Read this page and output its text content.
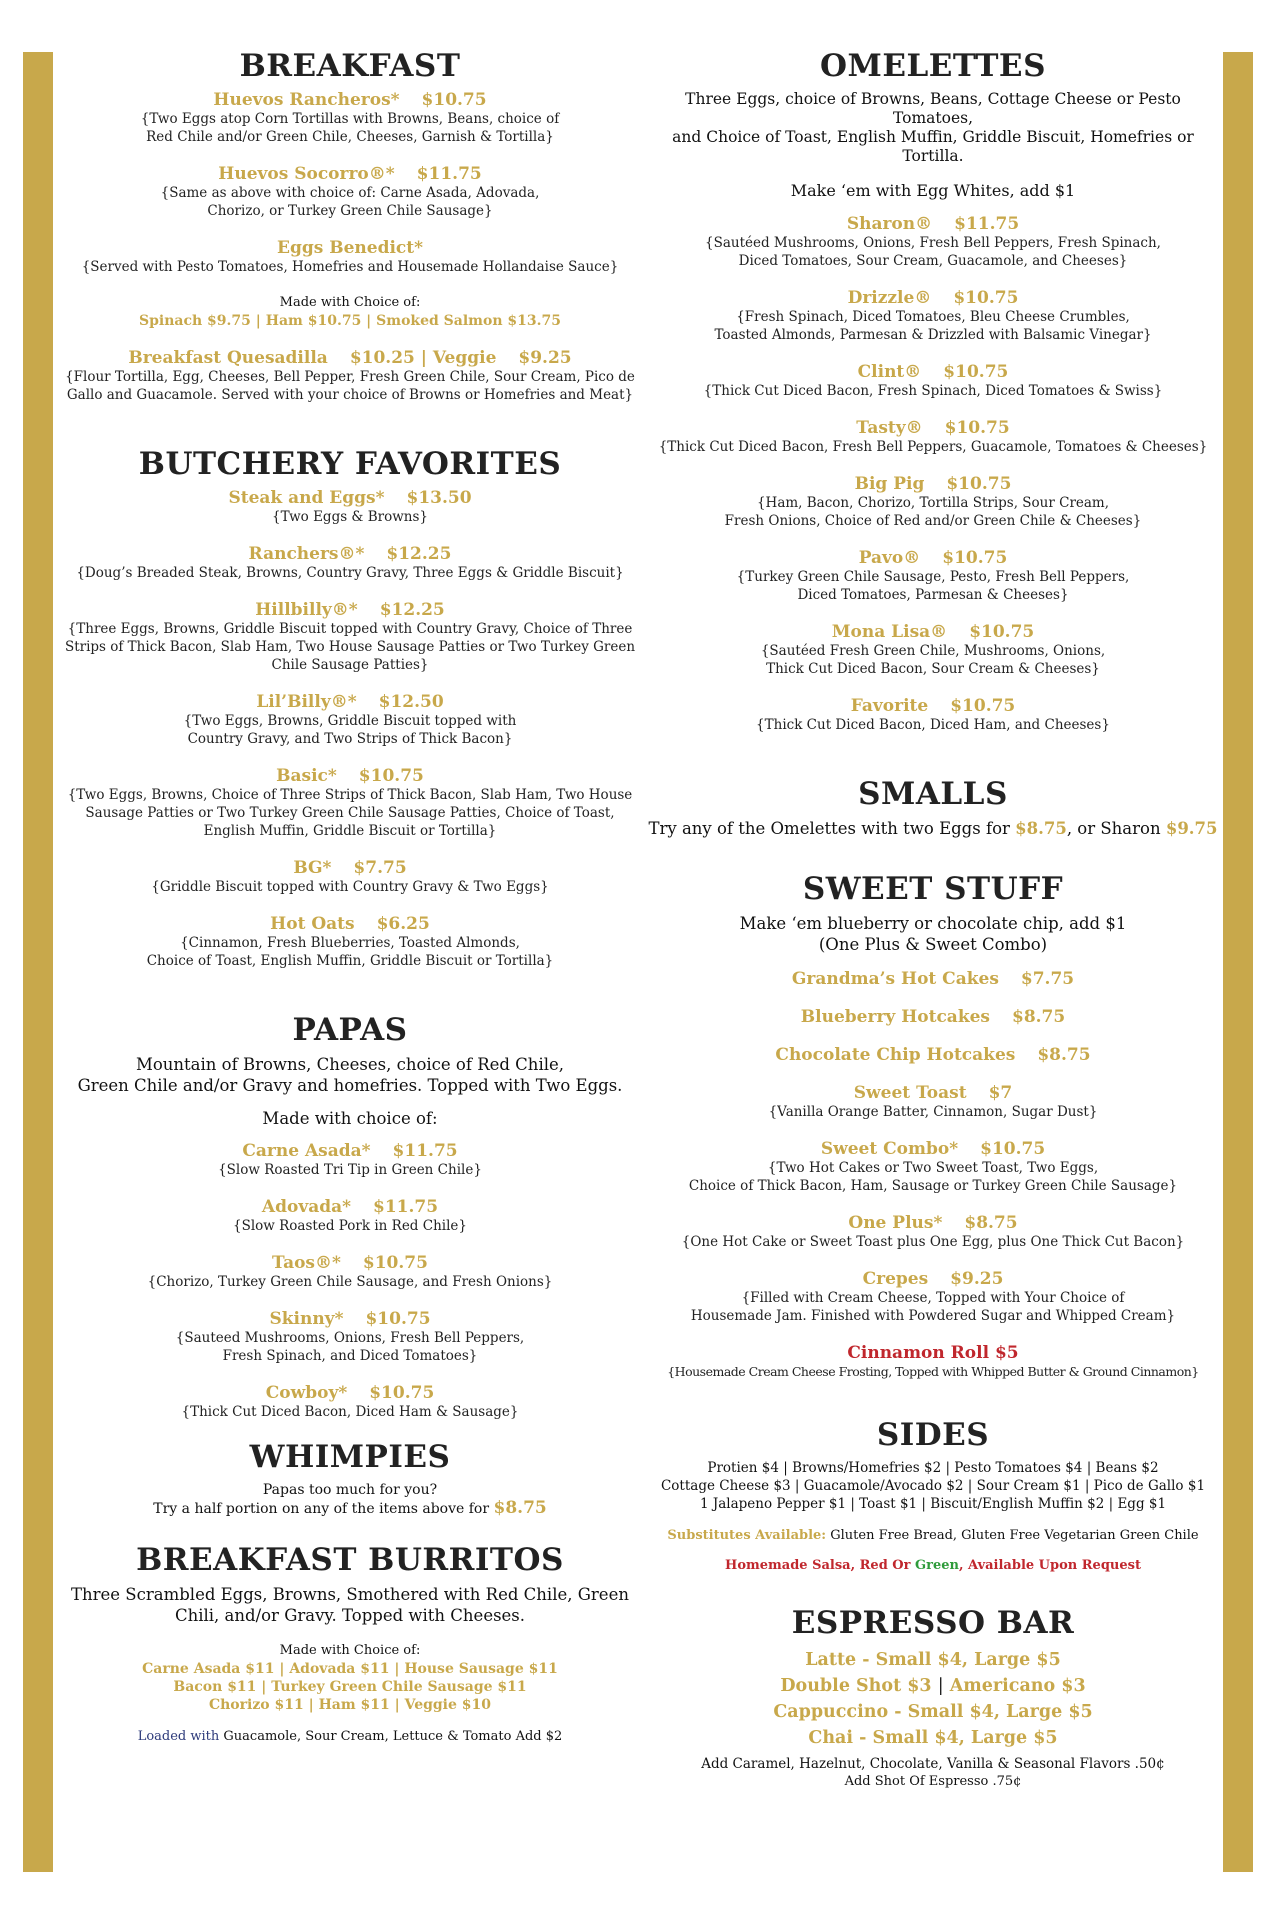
BREAKFAST
Huevos Rancheros* $10.75
{Two Eggs atop Corn Tortillas with Browns, Beans, choice of
Red Chile and/or Green Chile, Cheeses, Garnish & Tortilla}
Huevos Socorro®* $11.75
{Same as above with choice of: Carne Asada, Adovada,
Chorizo, or Turkey Green Chile Sausage}
Eggs Benedict*
{Served with Pesto Tomatoes, Homefries and Housemade Hollandaise Sauce}
Made with Choice of:
Spinach $9.75 | Ham $10.75 | Smoked Salmon $13.75
Breakfast Quesadilla $10.25 | Veggie $9.25
{Flour Tortilla, Egg, Cheeses, Bell Pepper, Fresh Green Chile, Sour Cream, Pico de
Gallo and Guacamole. Served with your choice of Browns or Homefries and Meat}
BUTCHERY FAVORITES
Steak and Eggs* $13.50
{Two Eggs & Browns}
Ranchers®* $12.25
{Doug’s Breaded Steak, Browns, Country Gravy, Three Eggs & Griddle Biscuit}
Hillbilly®* $12.25
{Three Eggs, Browns, Griddle Biscuit topped with Country Gravy, Choice of Three
Strips of Thick Bacon, Slab Ham, Two House Sausage Patties or Two Turkey Green
Chile Sausage Patties}
Lil’Billy®* $12.50
{Two Eggs, Browns, Griddle Biscuit topped with
Country Gravy, and Two Strips of Thick Bacon}
Basic* $10.75
{Two Eggs, Browns, Choice of Three Strips of Thick Bacon, Slab Ham, Two House
Sausage Patties or Two Turkey Green Chile Sausage Patties, Choice of Toast,
English Muffin, Griddle Biscuit or Tortilla}
BG* $7.75
{Griddle Biscuit topped with Country Gravy & Two Eggs}
Hot Oats $6.25
{Cinnamon, Fresh Blueberries, Toasted Almonds,
Choice of Toast, English Muffin, Griddle Biscuit or Tortilla}
PAPAS
Mountain of Browns, Cheeses, choice of Red Chile,
Green Chile and/or Gravy and homefries. Topped with Two Eggs.
Made with choice of:
Carne Asada* $11.75
{Slow Roasted Tri Tip in Green Chile}
Adovada* $11.75
{Slow Roasted Pork in Red Chile}
Taos®* $10.75
{Chorizo, Turkey Green Chile Sausage, and Fresh Onions}
Skinny* $10.75
{Sauteed Mushrooms, Onions, Fresh Bell Peppers,
Fresh Spinach, and Diced Tomatoes}
Cowboy* $10.75
{Thick Cut Diced Bacon, Diced Ham & Sausage}
WHIMPIES
Papas too much for you?
Try a half portion on any of the items above for $8.75
BREAKFAST BURRITOS
Three Scrambled Eggs, Browns, Smothered with Red Chile, Green
Chili, and/or Gravy. Topped with Cheeses.
Made with Choice of:
Carne Asada $11 | Adovada $11 | House Sausage $11
Bacon $11 | Turkey Green Chile Sausage $11
Chorizo $11 | Ham $11 | Veggie $10
Loaded with Guacamole, Sour Cream, Lettuce & Tomato Add $2
OMELETTES
Three Eggs, choice of Browns, Beans, Cottage Cheese or Pesto Tomatoes,
and Choice of Toast, English Muffin, Griddle Biscuit, Homefries or Tortilla.
Make ‘em with Egg Whites, add $1
Sharon® $11.75
{Sautéed Mushrooms, Onions, Fresh Bell Peppers, Fresh Spinach,
Diced Tomatoes, Sour Cream, Guacamole, and Cheeses}
Drizzle® $10.75
{Fresh Spinach, Diced Tomatoes, Bleu Cheese Crumbles,
Toasted Almonds, Parmesan & Drizzled with Balsamic Vinegar}
Clint® $10.75
{Thick Cut Diced Bacon, Fresh Spinach, Diced Tomatoes & Swiss}
Tasty® $10.75
{Thick Cut Diced Bacon, Fresh Bell Peppers, Guacamole, Tomatoes & Cheeses}
Big Pig $10.75
{Ham, Bacon, Chorizo, Tortilla Strips, Sour Cream,
Fresh Onions, Choice of Red and/or Green Chile & Cheeses}
Pavo® $10.75
{Turkey Green Chile Sausage, Pesto, Fresh Bell Peppers,
Diced Tomatoes, Parmesan & Cheeses}
Mona Lisa® $10.75
{Sautéed Fresh Green Chile, Mushrooms, Onions,
Thick Cut Diced Bacon, Sour Cream & Cheeses}
Favorite $10.75
{Thick Cut Diced Bacon, Diced Ham, and Cheeses}
SMALLS
Try any of the Omelettes with two Eggs for $8.75, or Sharon $9.75
SWEET STUFF
Make ‘em blueberry or chocolate chip, add $1
(One Plus & Sweet Combo)
Grandma’s Hot Cakes $7.75
Blueberry Hotcakes $8.75
Chocolate Chip Hotcakes $8.75
Sweet Toast $7
{Vanilla Orange Batter, Cinnamon, Sugar Dust}
Sweet Combo* $10.75
{Two Hot Cakes or Two Sweet Toast, Two Eggs,
Choice of Thick Bacon, Ham, Sausage or Turkey Green Chile Sausage}
One Plus* $8.75
{One Hot Cake or Sweet Toast plus One Egg, plus One Thick Cut Bacon}
Crepes $9.25
{Filled with Cream Cheese, Topped with Your Choice of
Housemade Jam. Finished with Powdered Sugar and Whipped Cream}
Cinnamon Roll $5
{Housemade Cream Cheese Frosting, Topped with Whipped Butter & Ground Cinnamon}
SIDES
Protien $4 | Browns/Homefries $2 | Pesto Tomatoes $4 | Beans $2
Cottage Cheese $3 | Guacamole/Avocado $2 | Sour Cream $1 | Pico de Gallo $1
1 Jalapeno Pepper $1 | Toast $1 | Biscuit/English Muffin $2 | Egg $1
Substitutes Available: Gluten Free Bread, Gluten Free Vegetarian Green Chile
Homemade Salsa, Red Or Green, Available Upon Request
ESPRESSO BAR
Latte - Small $4, Large $5
Double Shot $3 | Americano $3
Cappuccino - Small $4, Large $5
Chai - Small $4, Large $5
Add Caramel, Hazelnut, Chocolate, Vanilla & Seasonal Flavors .50¢
Add Shot Of Espresso .75¢
